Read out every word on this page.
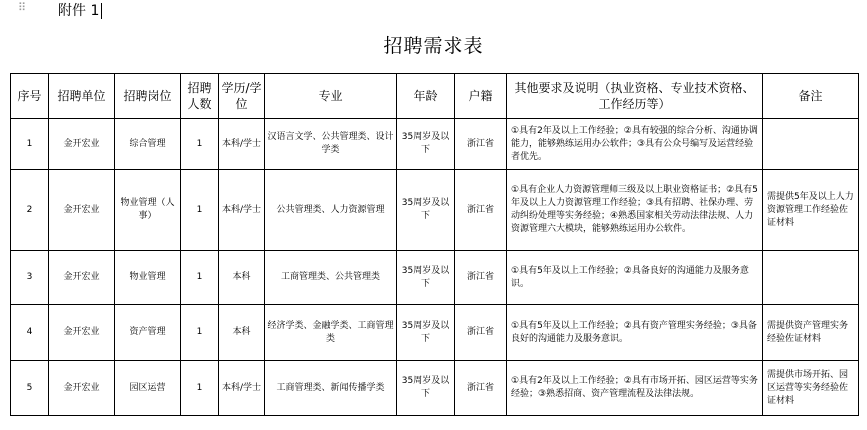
⠿ 附件 1
招聘需求表
序号	招聘单位	招聘岗位	招聘人数	学历/学位	专业	年龄	户籍	其他要求及说明（执业资格、专业技术资格、工作经历等）	备注
1	金开宏业	综合管理	1	本科/学士	汉语言文学、公共管理类、设计学类	35周岁及以下	浙江省	①具有2年及以上工作经验；②具有较强的综合分析、沟通协调能力，能够熟练运用办公软件；③具有公众号编写及运营经验者优先。	
2	金开宏业	物业管理（人事）	1	本科/学士	公共管理类、人力资源管理	35周岁及以下	浙江省	①具有企业人力资源管理师三级及以上职业资格证书；②具有5年及以上人力资源管理工作经验；③具有招聘、社保办理、劳动纠纷处理等实务经验；④熟悉国家相关劳动法律法规、人力资源管理六大模块，能够熟练运用办公软件。	需提供5年及以上人力资源管理工作经验佐证材料
3	金开宏业	物业管理	1	本科	工商管理类、公共管理类	35周岁及以下	浙江省	①具有5年及以上工作经验；②具备良好的沟通能力及服务意识。	
4	金开宏业	资产管理	1	本科	经济学类、金融学类、工商管理类	35周岁及以下	浙江省	①具有5年及以上工作经验；②具有资产管理实务经验；③具备良好的沟通能力及服务意识。	需提供资产管理实务经验佐证材料
5	金开宏业	园区运营	1	本科/学士	工商管理类、新闻传播学类	35周岁及以下	浙江省	①具有2年及以上工作经验；②具有市场开拓、园区运营等实务经验；③熟悉招商、资产管理流程及法律法规。	需提供市场开拓、园区运营等实务经验佐证材料
